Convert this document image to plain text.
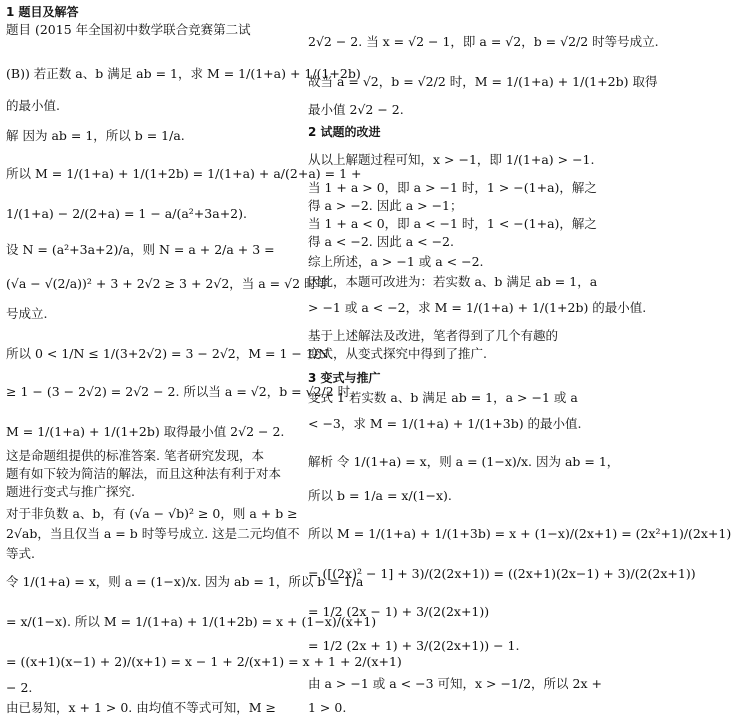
1 题目及解答
题目 (2015 年全国初中数学联合竞赛第二试
(B)) 若正数 a、b 满足 ab = 1，求 M = 1/(1+a) + 1/(1+2b)
的最小值.
解 因为 ab = 1，所以 b = 1/a.
所以 M = 1/(1+a) + 1/(1+2b) = 1/(1+a) + a/(2+a) = 1 +
1/(1+a) − 2/(2+a) = 1 − a/(a²+3a+2).
设 N = (a²+3a+2)/a，则 N = a + 2/a + 3 =
(√a − √(2/a))² + 3 + 2√2 ≥ 3 + 2√2，当 a = √2 时等
号成立.
所以 0 < 1/N ≤ 1/(3+2√2) = 3 − 2√2，M = 1 − 1/N
≥ 1 − (3 − 2√2) = 2√2 − 2. 所以当 a = √2，b = √2/2 时，
M = 1/(1+a) + 1/(1+2b) 取得最小值 2√2 − 2.
这是命题组提供的标准答案. 笔者研究发现，本
题有如下较为简洁的解法，而且这种法有利于对本
题进行变式与推广探究.
对于非负数 a、b，有 (√a − √b)² ≥ 0，则 a + b ≥
2√ab，当且仅当 a = b 时等号成立. 这是二元均值不
等式.
令 1/(1+a) = x，则 a = (1−x)/x. 因为 ab = 1，所以 b = 1/a
= x/(1−x). 所以 M = 1/(1+a) + 1/(1+2b) = x + (1−x)/(x+1)
= ((x+1)(x−1) + 2)/(x+1) = x − 1 + 2/(x+1) = x + 1 + 2/(x+1)
− 2.
由已易知，x + 1 > 0. 由均值不等式可知，M ≥
2√2 − 2. 当 x = √2 − 1，即 a = √2，b = √2/2 时等号成立.
故当 a = √2，b = √2/2 时，M = 1/(1+a) + 1/(1+2b) 取得
最小值 2√2 − 2.
2 试题的改进
从以上解题过程可知，x > −1，即 1/(1+a) > −1.
当 1 + a > 0，即 a > −1 时，1 > −(1+a)，解之
得 a > −2. 因此 a > −1；
当 1 + a < 0，即 a < −1 时，1 < −(1+a)，解之
得 a < −2. 因此 a < −2.
综上所述，a > −1 或 a < −2.
因此，本题可改进为：若实数 a、b 满足 ab = 1，a
> −1 或 a < −2，求 M = 1/(1+a) + 1/(1+2b) 的最小值.
基于上述解法及改进，笔者得到了几个有趣的
变式，从变式探究中得到了推广.
3 变式与推广
变式 1 若实数 a、b 满足 ab = 1，a > −1 或 a
< −3，求 M = 1/(1+a) + 1/(1+3b) 的最小值.
解析 令 1/(1+a) = x，则 a = (1−x)/x. 因为 ab = 1，
所以 b = 1/a = x/(1−x).
所以 M = 1/(1+a) + 1/(1+3b) = x + (1−x)/(2x+1) = (2x²+1)/(2x+1)
= ([(2x)² − 1] + 3)/(2(2x+1)) = ((2x+1)(2x−1) + 3)/(2(2x+1))
= 1/2 (2x − 1) + 3/(2(2x+1))
= 1/2 (2x + 1) + 3/(2(2x+1)) − 1.
由 a > −1 或 a < −3 可知，x > −1/2，所以 2x +
1 > 0.
